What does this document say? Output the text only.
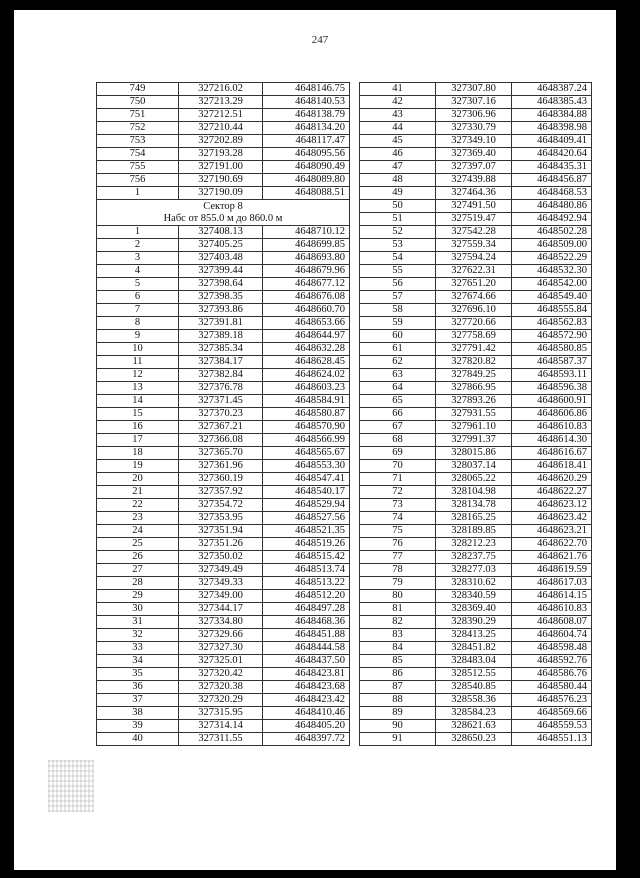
247
749	327216.02	4648146.75
750	327213.29	4648140.53
751	327212.51	4648138.79
752	327210.44	4648134.20
753	327202.89	4648117.47
754	327193.28	4648095.56
755	327191.00	4648090.49
756	327190.69	4648089.80
1	327190.09	4648088.51

Сектор 8
Набс от 855.0 м до 860.0 м		

1	327408.13	4648710.12
2	327405.25	4648699.85
3	327403.48	4648693.80
4	327399.44	4648679.96
5	327398.64	4648677.12
6	327398.35	4648676.08
7	327393.86	4648660.70
8	327391.81	4648653.66
9	327389.18	4648644.97
10	327385.34	4648632.28
11	327384.17	4648628.45
12	327382.84	4648624.02
13	327376.78	4648603.23
14	327371.45	4648584.91
15	327370.23	4648580.87
16	327367.21	4648570.90
17	327366.08	4648566.99
18	327365.70	4648565.67
19	327361.96	4648553.30
20	327360.19	4648547.41
21	327357.92	4648540.17
22	327354.72	4648529.94
23	327353.95	4648527.56
24	327351.94	4648521.35
25	327351.26	4648519.26
26	327350.02	4648515.42
27	327349.49	4648513.74
28	327349.33	4648513.22
29	327349.00	4648512.20
30	327344.17	4648497.28
31	327334.80	4648468.36
32	327329.66	4648451.88
33	327327.30	4648444.58
34	327325.01	4648437.50
35	327320.42	4648423.81
36	327320.38	4648423.68
37	327320.29	4648423.42
38	327315.95	4648410.46
39	327314.14	4648405.20
40	327311.55	4648397.72
41	327307.80	4648387.24
42	327307.16	4648385.43
43	327306.96	4648384.88
44	327330.79	4648398.98
45	327349.10	4648409.41
46	327369.40	4648420.64
47	327397.07	4648435.31
48	327439.88	4648456.87
49	327464.36	4648468.53
50	327491.50	4648480.86
51	327519.47	4648492.94
52	327542.28	4648502.28
53	327559.34	4648509.00
54	327594.24	4648522.29
55	327622.31	4648532.30
56	327651.20	4648542.00
57	327674.66	4648549.40
58	327696.10	4648555.84
59	327720.66	4648562.83
60	327758.69	4648572.90
61	327791.42	4648580.85
62	327820.82	4648587.37
63	327849.25	4648593.11
64	327866.95	4648596.38
65	327893.26	4648600.91
66	327931.55	4648606.86
67	327961.10	4648610.83
68	327991.37	4648614.30
69	328015.86	4648616.67
70	328037.14	4648618.41
71	328065.22	4648620.29
72	328104.98	4648622.27
73	328134.78	4648623.12
74	328165.25	4648623.42
75	328189.85	4648623.21
76	328212.23	4648622.70
77	328237.75	4648621.76
78	328277.03	4648619.59
79	328310.62	4648617.03
80	328340.59	4648614.15
81	328369.40	4648610.83
82	328390.29	4648608.07
83	328413.25	4648604.74
84	328451.82	4648598.48
85	328483.04	4648592.76
86	328512.55	4648586.76
87	328540.85	4648580.44
88	328558.36	4648576.23
89	328584.23	4648569.66
90	328621.63	4648559.53
91	328650.23	4648551.13
